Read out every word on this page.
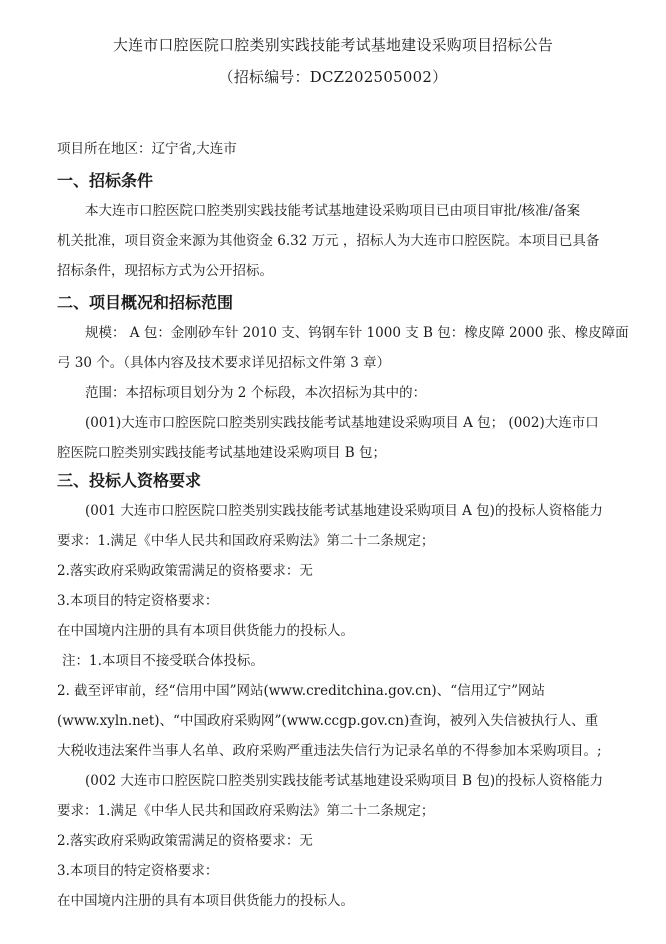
大连市口腔医院口腔类别实践技能考试基地建设采购项目招标公告
（招标编号：DCZ202505002）
项目所在地区：辽宁省,大连市
一、招标条件
本大连市口腔医院口腔类别实践技能考试基地建设采购项目已由项目审批/核准/备案
机关批准，项目资金来源为其他资金 6.32 万元 ，招标人为大连市口腔医院。本项目已具备
招标条件，现招标方式为公开招标。
二、项目概况和招标范围
规模： A 包：金刚砂车针 2010 支、钨钢车针 1000 支 B 包：橡皮障 2000 张、橡皮障面
弓 30 个。（具体内容及技术要求详见招标文件第 3 章）
范围：本招标项目划分为 2 个标段，本次招标为其中的：
(001)大连市口腔医院口腔类别实践技能考试基地建设采购项目 A 包； (002)大连市口
腔医院口腔类别实践技能考试基地建设采购项目 B 包；
三、投标人资格要求
(001 大连市口腔医院口腔类别实践技能考试基地建设采购项目 A 包)的投标人资格能力
要求：1.满足《中华人民共和国政府采购法》第二十二条规定；
2.落实政府采购政策需满足的资格要求：无
3.本项目的特定资格要求：
在中国境内注册的具有本项目供货能力的投标人。
注：1.本项目不接受联合体投标。
2. 截至评审前，经“信用中国”网站(www.creditchina.gov.cn)、“信用辽宁”网站
(www.xyln.net)、“中国政府采购网”(www.ccgp.gov.cn)查询，被列入失信被执行人、重
大税收违法案件当事人名单、政府采购严重违法失信行为记录名单的不得参加本采购项目。;
(002 大连市口腔医院口腔类别实践技能考试基地建设采购项目 B 包)的投标人资格能力
要求：1.满足《中华人民共和国政府采购法》第二十二条规定；
2.落实政府采购政策需满足的资格要求：无
3.本项目的特定资格要求：
在中国境内注册的具有本项目供货能力的投标人。
